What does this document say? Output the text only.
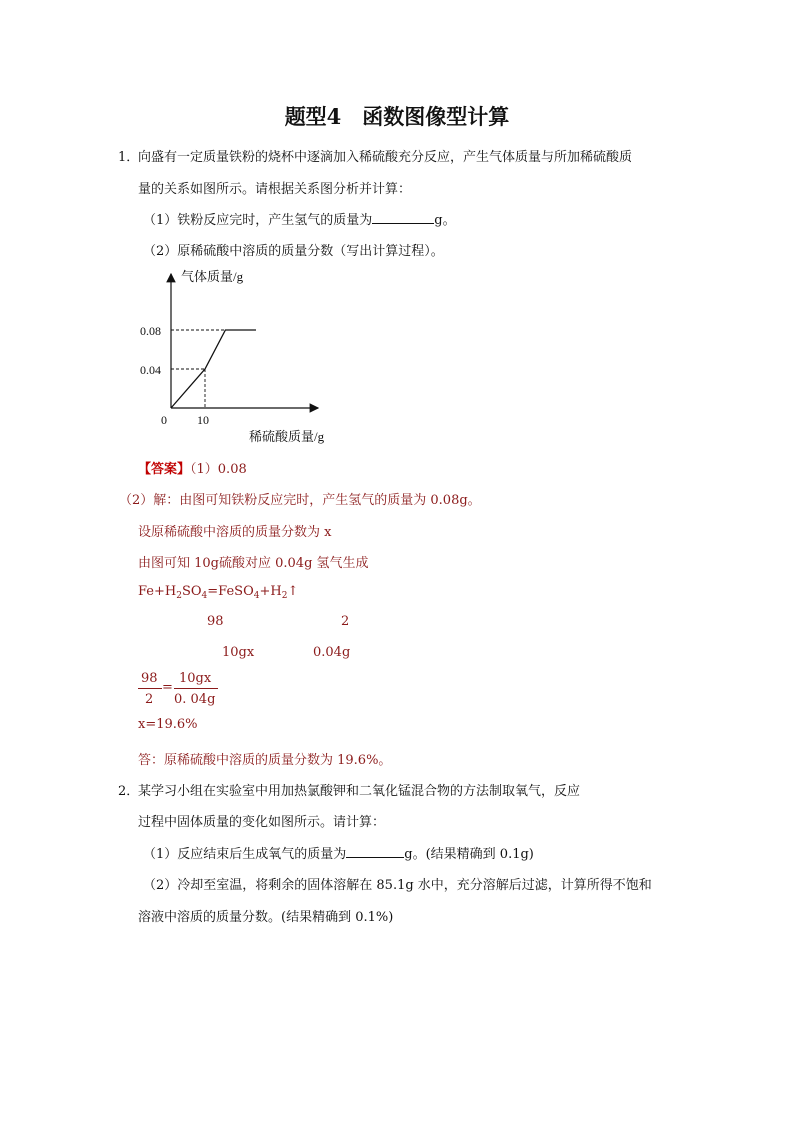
题型4　函数图像型计算
1．
向盛有一定质量铁粉的烧杯中逐滴加入稀硫酸充分反应，产生气体质量与所加稀硫酸质
量的关系如图所示。请根据关系图分析并计算：
（1）铁粉反应完时，产生氢气的质量为	g。
（2）原稀硫酸中溶质的质量分数（写出计算过程）。
气体质量/g
0.08
0.04
0	10
稀硫酸质量/g
【答案】（1）0.08
（2）解：由图可知铁粉反应完时，产生氢气的质量为 0.08g。
设原稀硫酸中溶质的质量分数为 x
由图可知 10g硫酸对应 0.04g 氢气生成
$Fe+H_2SO_4=FeSO_4+H_2↑$
98	2
10gx	0.04g
98
2
=
10gx
0. 04g
x=19.6%
答：原稀硫酸中溶质的质量分数为 19.6%。
2．
某学习小组在实验室中用加热氯酸钾和二氧化锰混合物的方法制取氧气，反应
过程中固体质量的变化如图所示。请计算：
（1）反应结束后生成氧气的质量为	g。(结果精确到 0.1g)
（2）冷却至室温，将剩余的固体溶解在 85.1g 水中，充分溶解后过滤，计算所得不饱和
溶液中溶质的质量分数。(结果精确到 0.1%)
